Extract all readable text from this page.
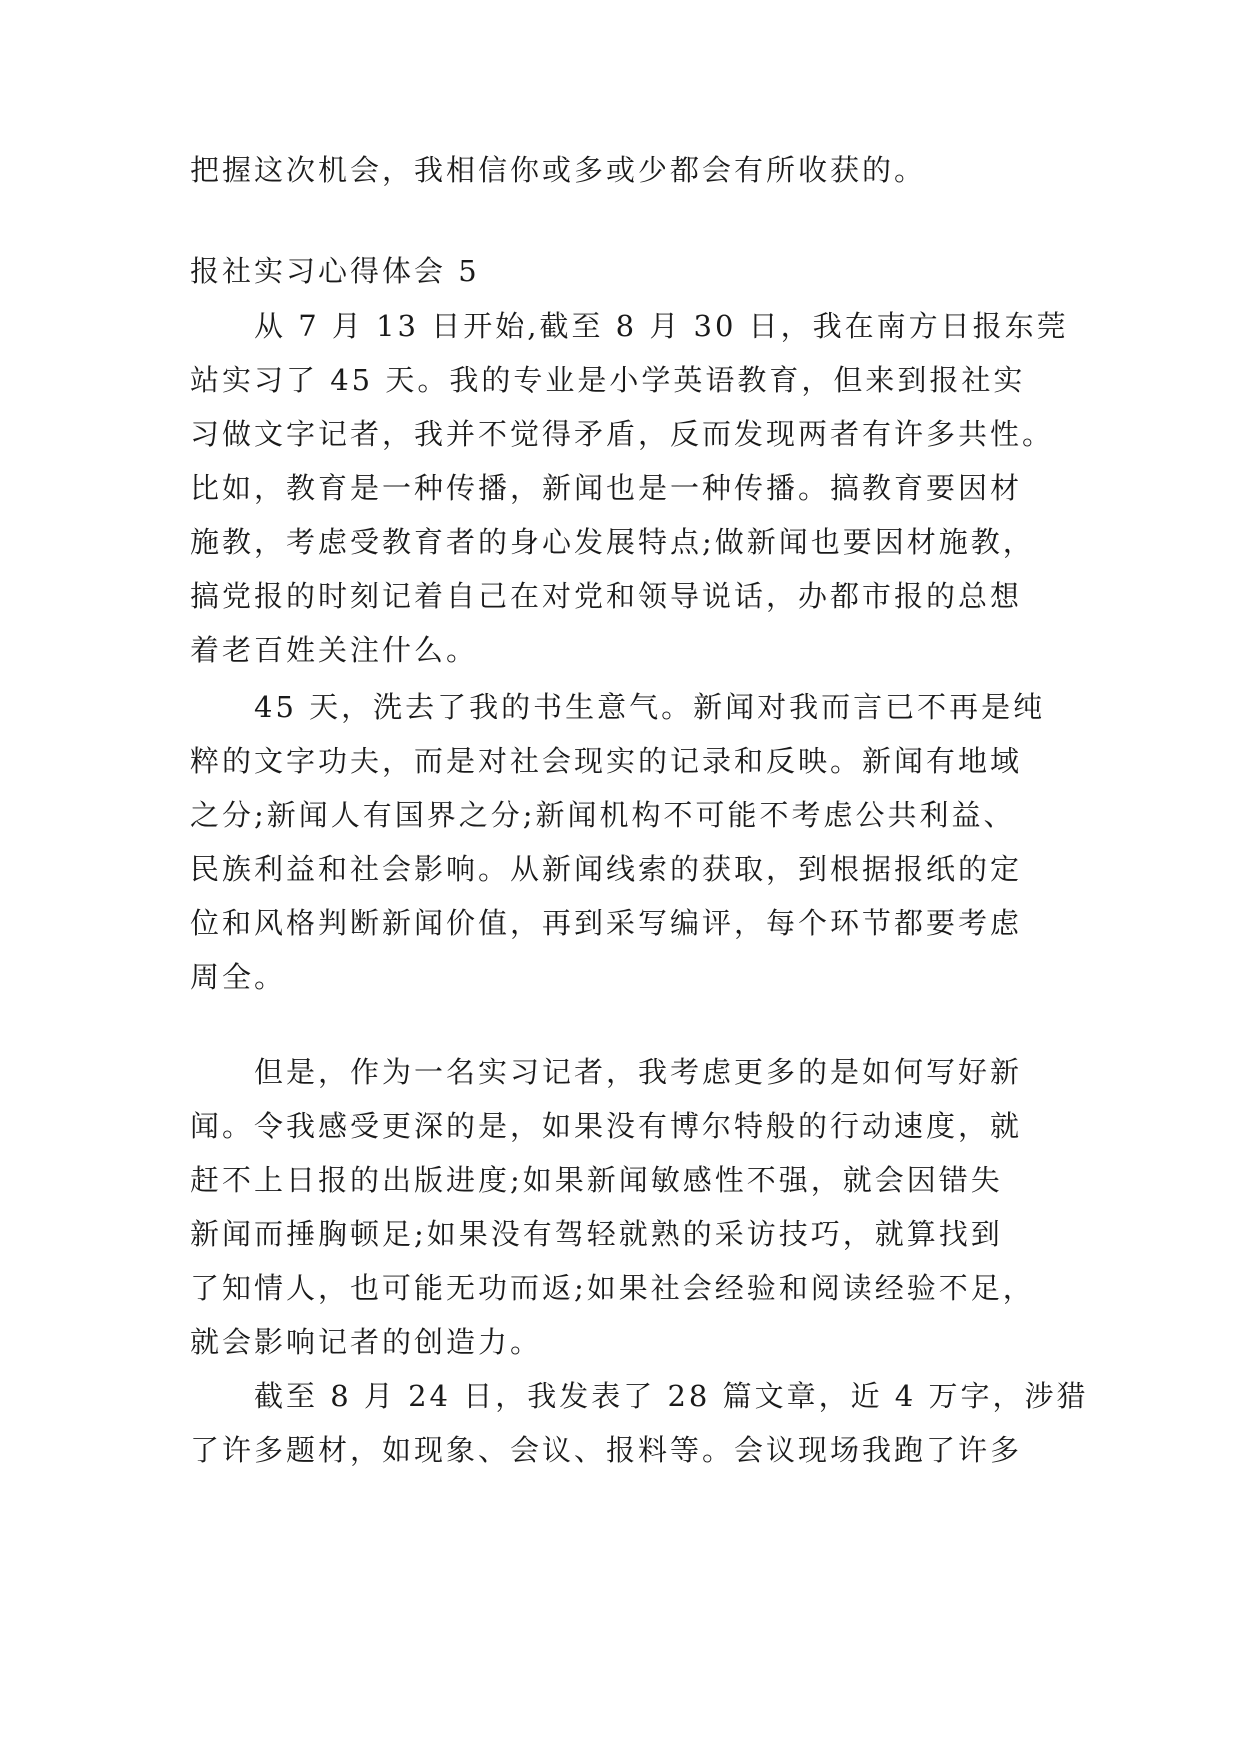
把握这次机会，我相信你或多或少都会有所收获的。
报社实习心得体会 5
从 7 月 13 日开始,截至 8 月 30 日，我在南方日报东莞
站实习了 45 天。我的专业是小学英语教育，但来到报社实
习做文字记者，我并不觉得矛盾，反而发现两者有许多共性。
比如，教育是一种传播，新闻也是一种传播。搞教育要因材
施教，考虑受教育者的身心发展特点;做新闻也要因材施教，
搞党报的时刻记着自己在对党和领导说话，办都市报的总想
着老百姓关注什么。
45 天，洗去了我的书生意气。新闻对我而言已不再是纯
粹的文字功夫，而是对社会现实的记录和反映。新闻有地域
之分;新闻人有国界之分;新闻机构不可能不考虑公共利益、
民族利益和社会影响。从新闻线索的获取，到根据报纸的定
位和风格判断新闻价值，再到采写编评，每个环节都要考虑
周全。
但是，作为一名实习记者，我考虑更多的是如何写好新
闻。令我感受更深的是，如果没有博尔特般的行动速度，就
赶不上日报的出版进度;如果新闻敏感性不强，就会因错失
新闻而捶胸顿足;如果没有驾轻就熟的采访技巧，就算找到
了知情人，也可能无功而返;如果社会经验和阅读经验不足，
就会影响记者的创造力。
截至 8 月 24 日，我发表了 28 篇文章，近 4 万字，涉猎
了许多题材，如现象、会议、报料等。会议现场我跑了许多
